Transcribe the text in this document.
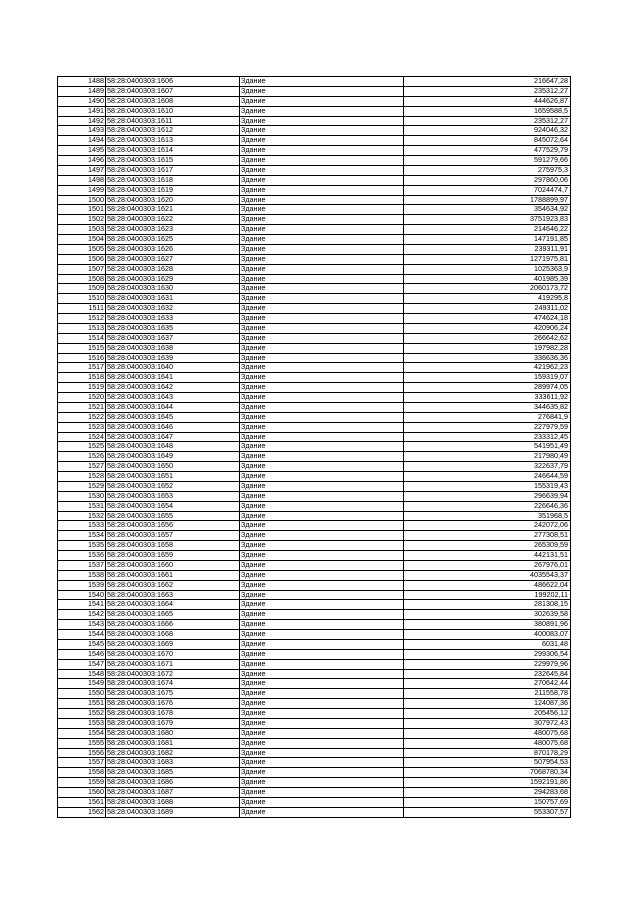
1488	58:28:0400303:1606	Здание	216647,28
1489	58:28:0400303:1607	Здание	235312,27
1490	58:28:0400303:1608	Здание	444626,87
1491	58:28:0400303:1610	Здание	1659588,5
1492	58:28:0400303:1611	Здание	235312,27
1493	58:28:0400303:1612	Здание	924046,32
1494	58:28:0400303:1613	Здание	845072,64
1495	58:28:0400303:1614	Здание	477529,79
1496	58:28:0400303:1615	Здание	591279,66
1497	58:28:0400303:1617	Здание	275975,3
1498	58:28:0400303:1618	Здание	297860,06
1499	58:28:0400303:1619	Здание	7024474,7
1500	58:28:0400303:1620	Здание	1788899,97
1501	58:28:0400303:1621	Здание	354634,92
1502	58:28:0400303:1622	Здание	3751923,83
1503	58:28:0400303:1623	Здание	214646,22
1504	58:28:0400303:1625	Здание	147191,85
1505	58:28:0400303:1626	Здание	239311,91
1506	58:28:0400303:1627	Здание	1271975,81
1507	58:28:0400303:1628	Здание	1025363,9
1508	58:28:0400303:1629	Здание	401985,39
1509	58:28:0400303:1630	Здание	2060173,72
1510	58:28:0400303:1631	Здание	419295,8
1511	58:28:0400303:1632	Здание	249311,02
1512	58:28:0400303:1633	Здание	474624,18
1513	58:28:0400303:1635	Здание	420906,24
1514	58:28:0400303:1637	Здание	266642,62
1515	58:28:0400303:1638	Здание	197982,28
1516	58:28:0400303:1639	Здание	336636,36
1517	58:28:0400303:1640	Здание	421962,23
1518	58:28:0400303:1641	Здание	159319,07
1519	58:28:0400303:1642	Здание	289974,05
1520	58:28:0400303:1643	Здание	333611,92
1521	58:28:0400303:1644	Здание	344635,82
1522	58:28:0400303:1645	Здание	276841,9
1523	58:28:0400303:1646	Здание	227979,59
1524	58:28:0400303:1647	Здание	233312,45
1525	58:28:0400303:1648	Здание	541951,49
1526	58:28:0400303:1649	Здание	217980,49
1527	58:28:0400303:1650	Здание	322637,79
1528	58:28:0400303:1651	Здание	246644,59
1529	58:28:0400303:1652	Здание	155319,43
1530	58:28:0400303:1653	Здание	296639,94
1531	58:28:0400303:1654	Здание	226646,36
1532	58:28:0400303:1655	Здание	351968,5
1533	58:28:0400303:1656	Здание	242072,06
1534	58:28:0400303:1657	Здание	277308,51
1535	58:28:0400303:1658	Здание	265309,59
1536	58:28:0400303:1659	Здание	442131,51
1537	58:28:0400303:1660	Здание	267976,01
1538	58:28:0400303:1661	Здание	4035543,37
1539	58:28:0400303:1662	Здание	486622,04
1540	58:28:0400303:1663	Здание	199202,11
1541	58:28:0400303:1664	Здание	281308,15
1542	58:28:0400303:1665	Здание	302639,58
1543	58:28:0400303:1666	Здание	380891,96
1544	58:28:0400303:1668	Здание	400083,07
1545	58:28:0400303:1669	Здание	6031,48
1546	58:28:0400303:1670	Здание	299306,54
1547	58:28:0400303:1671	Здание	229979,96
1548	58:28:0400303:1672	Здание	232645,84
1549	58:28:0400303:1674	Здание	270642,44
1550	58:28:0400303:1675	Здание	211558,78
1551	58:28:0400303:1676	Здание	124087,36
1552	58:28:0400303:1678	Здание	205456,12
1553	58:28:0400303:1679	Здание	307972,43
1554	58:28:0400303:1680	Здание	480075,68
1555	58:28:0400303:1681	Здание	480075,68
1556	58:28:0400303:1682	Здание	870178,29
1557	58:28:0400303:1683	Здание	507954,53
1558	58:28:0400303:1685	Здание	7068780,34
1559	58:28:0400303:1686	Здание	1592191,86
1560	58:28:0400303:1687	Здание	294283,68
1561	58:28:0400303:1688	Здание	150757,69
1562	58:28:0400303:1689	Здание	553307,57
